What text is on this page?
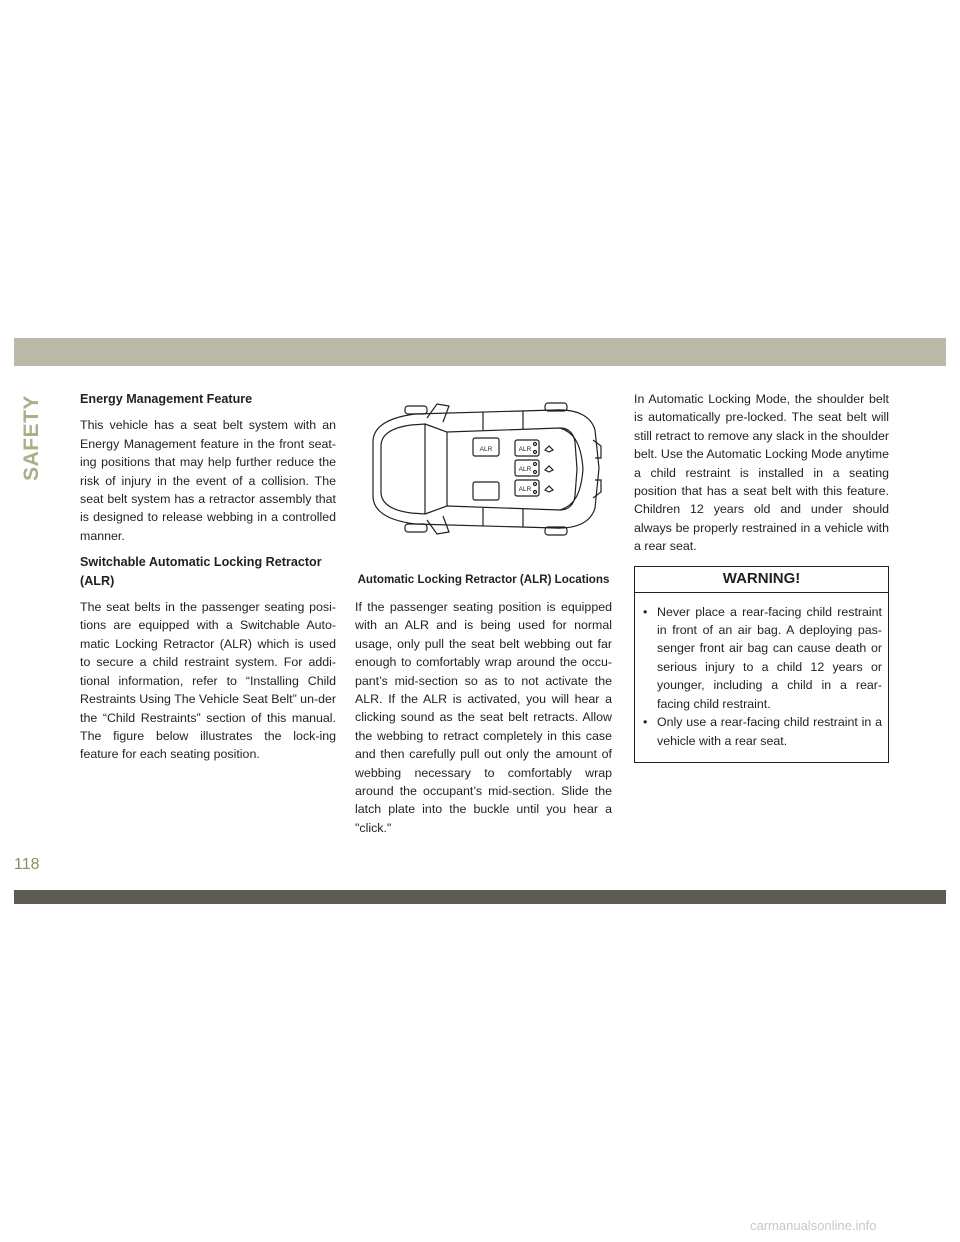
SAFETY	Energy Management Feature

This vehicle has a seat belt system with an Energy Management feature in the front seat-ing positions that may help further reduce the risk of injury in the event of a collision. The seat belt system has a retractor assembly that is designed to release webbing in a controlled manner.

Switchable Automatic Locking Retractor (ALR)

The seat belts in the passenger seating posi-tions are equipped with a Switchable Auto-matic Locking Retractor (ALR) which is used to secure a child restraint system. For addi-tional information, refer to “Installing Child Restraints Using The Vehicle Seat Belt” un-der the “Child Restraints” section of this manual. The figure below illustrates the lock-ing feature for each seating position.

ALR	ALR
ALR
ALR
Automatic Locking Retractor (ALR) Locations

If the passenger seating position is equipped with an ALR and is being used for normal usage, only pull the seat belt webbing out far enough to comfortably wrap around the occu-pant’s mid-section so as to not activate the ALR. If the ALR is activated, you will hear a clicking sound as the seat belt retracts. Allow the webbing to retract completely in this case and then carefully pull out only the amount of webbing necessary to comfortably wrap around the occupant’s mid-section. Slide the latch plate into the buckle until you hear a "click."

In Automatic Locking Mode, the shoulder belt is automatically pre-locked. The seat belt will still retract to remove any slack in the shoulder belt. Use the Automatic Locking Mode anytime a child restraint is installed in a seating position that has a seat belt with this feature. Children 12 years old and under should always be properly restrained in a vehicle with a rear seat.

WARNING!
• Never place a rear-facing child restraint in front of an air bag. A deploying pas-senger front air bag can cause death or serious injury to a child 12 years or younger, including a child in a rear-facing child restraint.
• Only use a rear-facing child restraint in a vehicle with a rear seat.
118
carmanualsonline.info
